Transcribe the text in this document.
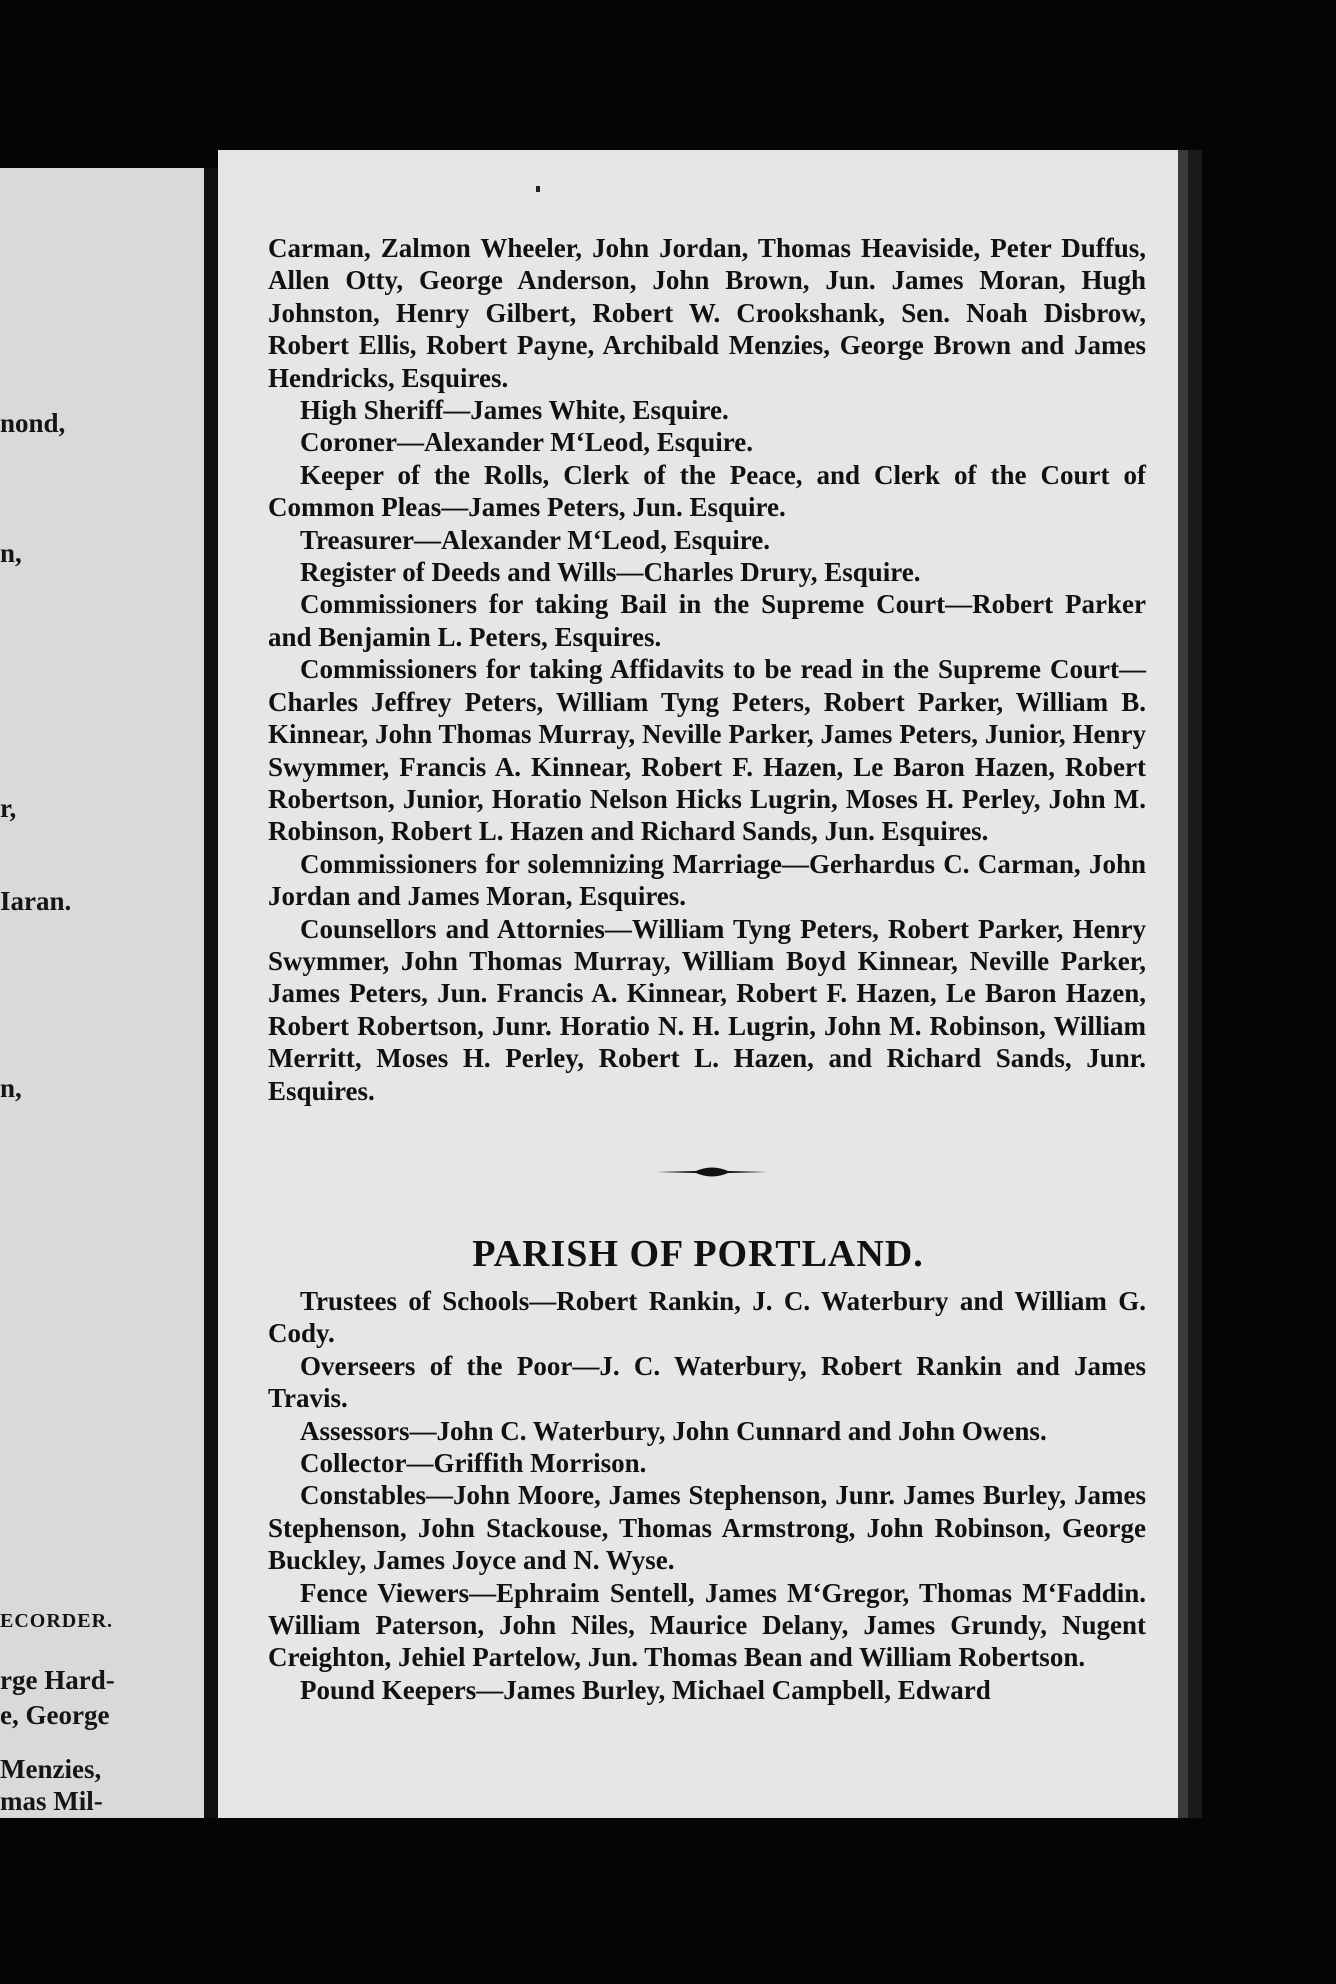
nond,
n,
r,
Iaran.
n,
ECORDER.
rge Hard-
e, George
Menzies,
mas Mil-

Carman, Zalmon Wheeler, John Jordan, Thomas Heaviside, Peter Duffus, Allen Otty, George Anderson, John Brown, Jun. James Moran, Hugh Johnston, Henry Gilbert, Robert W. Crookshank, Sen. Noah Disbrow, Robert Ellis, Robert Payne, Archibald Menzies, George Brown and James Hendricks, Esquires.

High Sheriff—James White, Esquire.

Coroner—Alexander M‘Leod, Esquire.

Keeper of the Rolls, Clerk of the Peace, and Clerk of the Court of Common Pleas—James Peters, Jun. Esquire.

Treasurer—Alexander M‘Leod, Esquire.

Register of Deeds and Wills—Charles Drury, Esquire.

Commissioners for taking Bail in the Supreme Court—Robert Parker and Benjamin L. Peters, Esquires.

Commissioners for taking Affidavits to be read in the Supreme Court—Charles Jeffrey Peters, William Tyng Peters, Robert Parker, William B. Kinnear, John Thomas Murray, Neville Parker, James Peters, Junior, Henry Swymmer, Francis A. Kinnear, Robert F. Hazen, Le Baron Hazen, Robert Robertson, Junior, Horatio Nelson Hicks Lugrin, Moses H. Perley, John M. Robinson, Robert L. Hazen and Richard Sands, Jun. Esquires.

Commissioners for solemnizing Marriage—Gerhardus C. Carman, John Jordan and James Moran, Esquires.

Counsellors and Attornies—William Tyng Peters, Robert Parker, Henry Swymmer, John Thomas Murray, William Boyd Kinnear, Neville Parker, James Peters, Jun. Francis A. Kinnear, Robert F. Hazen, Le Baron Hazen, Robert Robertson, Junr. Horatio N. H. Lugrin, John M. Robinson, William Merritt, Moses H. Perley, Robert L. Hazen, and Richard Sands, Junr. Esquires.

PARISH OF PORTLAND.

Trustees of Schools—Robert Rankin, J. C. Waterbury and William G. Cody.

Overseers of the Poor—J. C. Waterbury, Robert Rankin and James Travis.

Assessors—John C. Waterbury, John Cunnard and John Owens.

Collector—Griffith Morrison.

Constables—John Moore, James Stephenson, Junr. James Burley, James Stephenson, John Stackouse, Thomas Armstrong, John Robinson, George Buckley, James Joyce and N. Wyse.

Fence Viewers—Ephraim Sentell, James M‘Gregor, Thomas M‘Faddin. William Paterson, John Niles, Maurice Delany, James Grundy, Nugent Creighton, Jehiel Partelow, Jun. Thomas Bean and William Robertson.

Pound Keepers—James Burley, Michael Campbell, Edward
